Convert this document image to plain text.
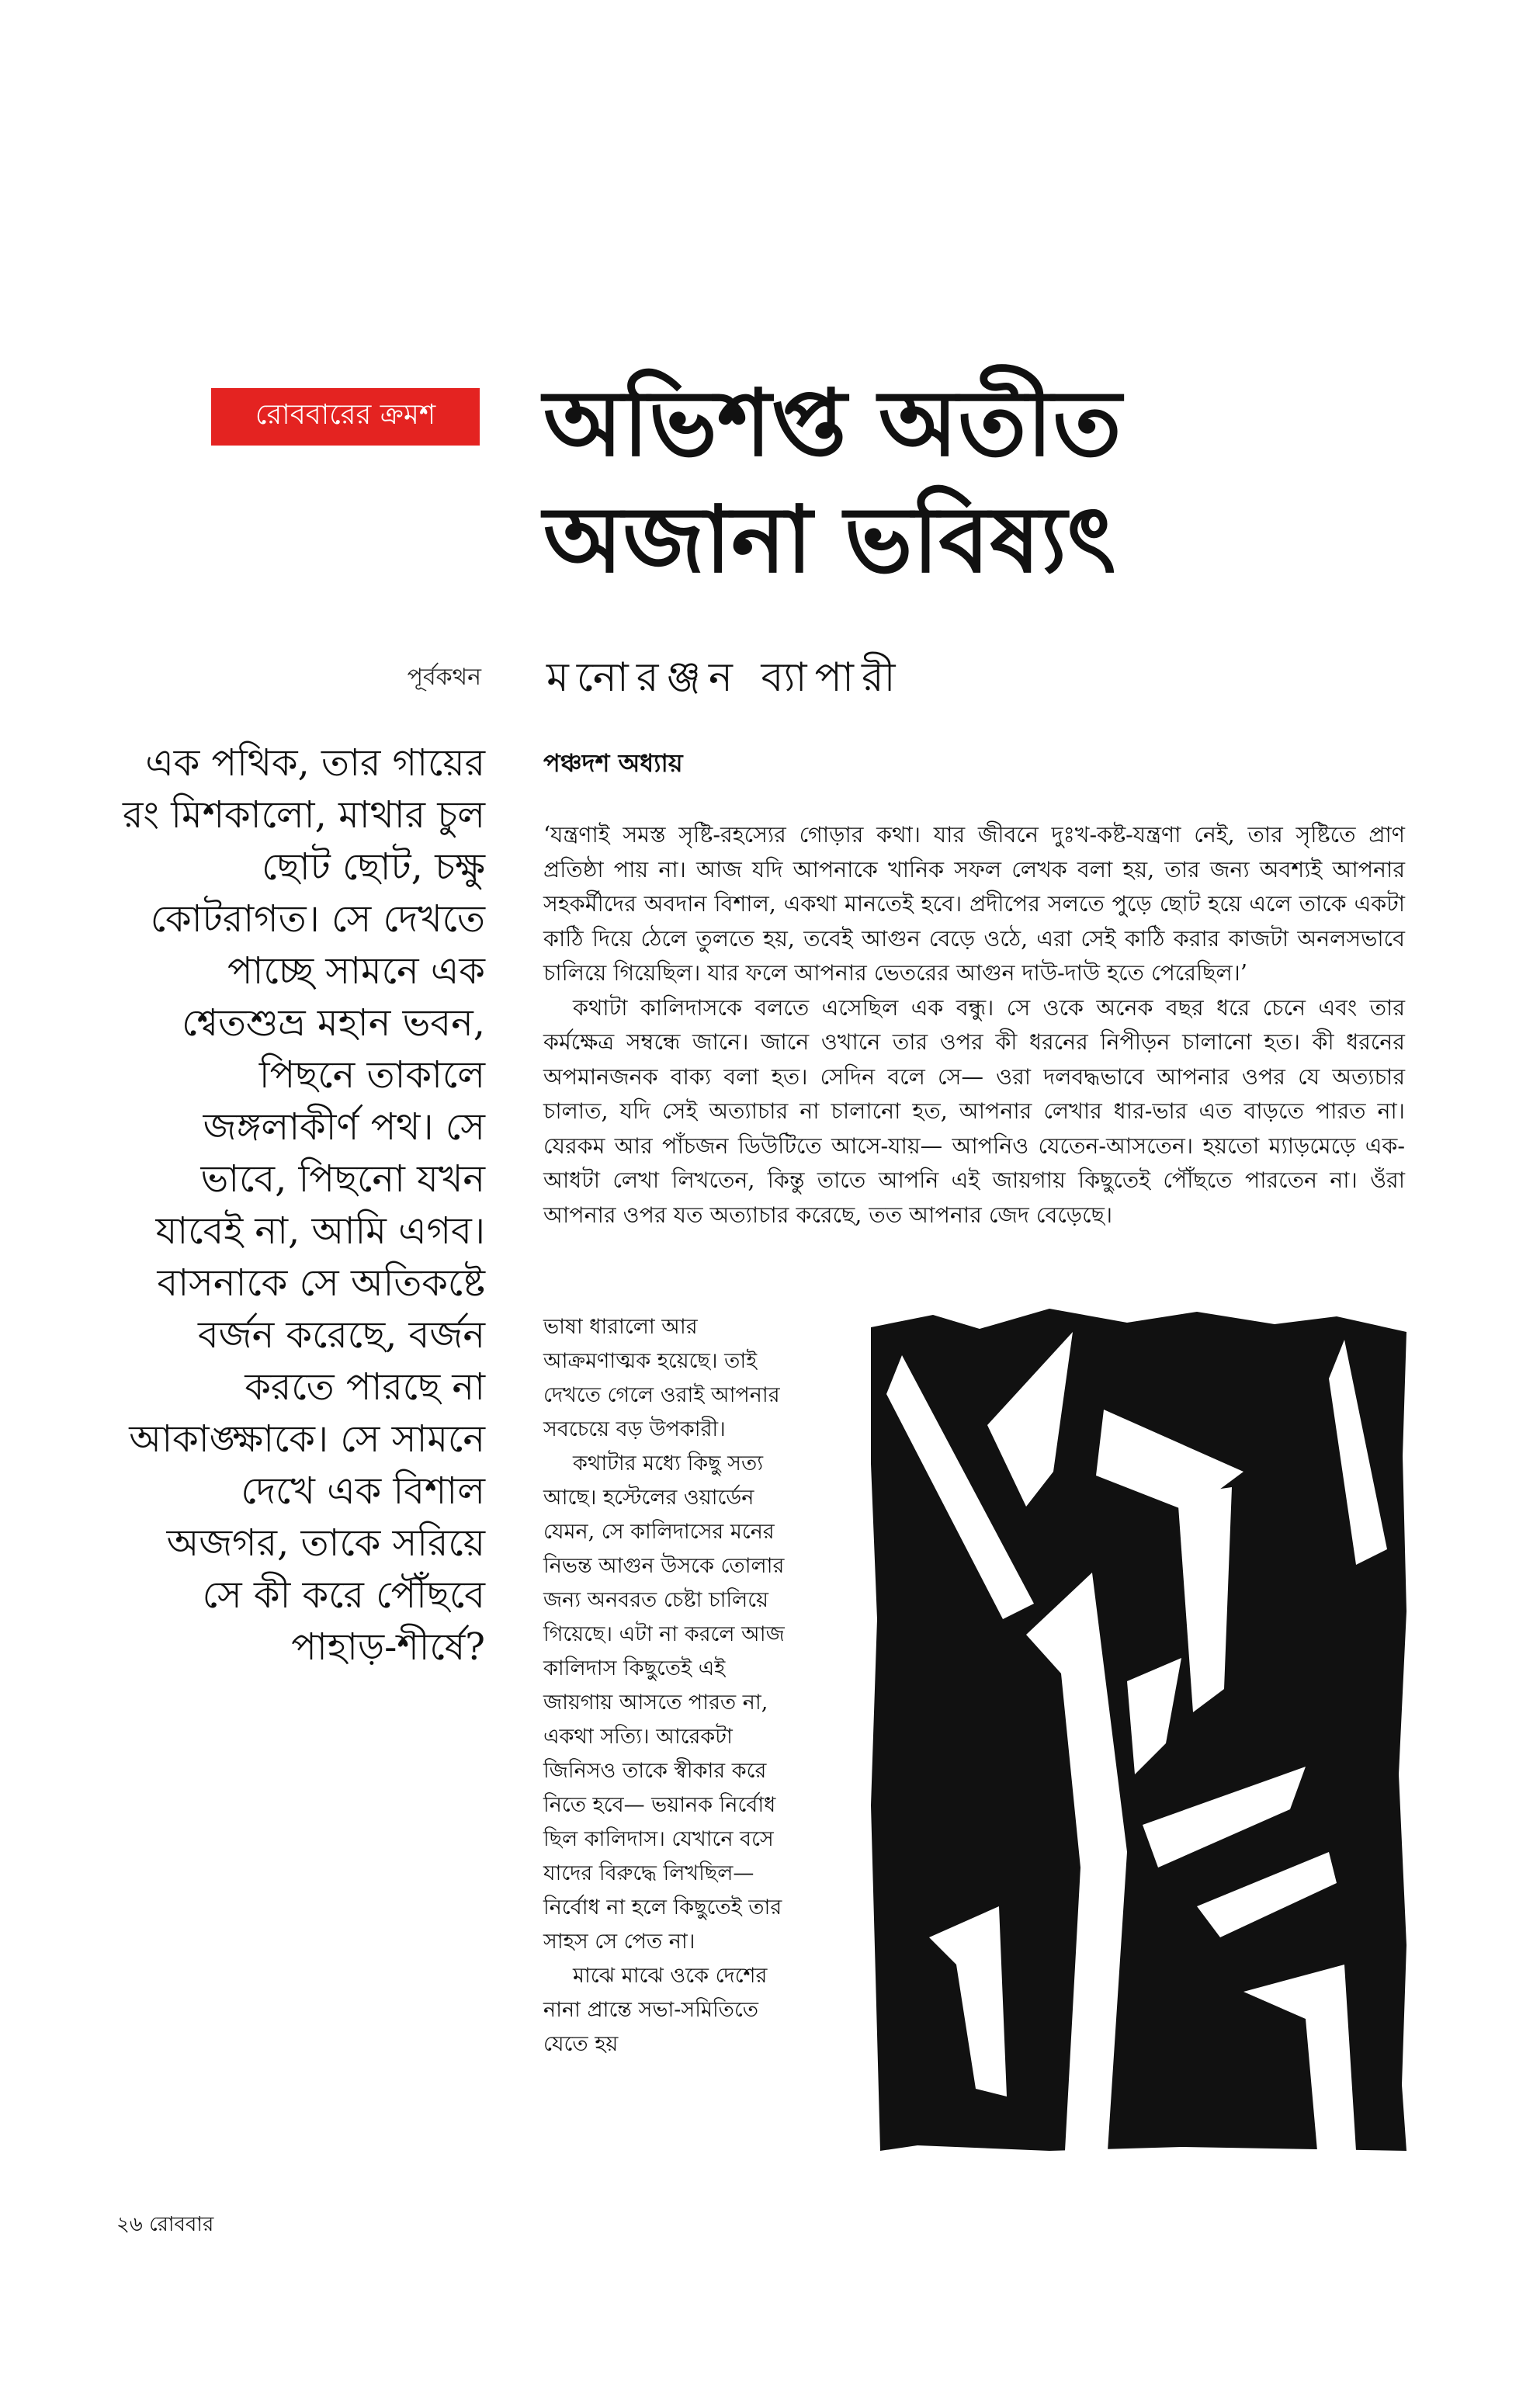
রোববারের ক্রমশ	অভিশপ্ত অতীত
অজানা ভবিষ্যৎ
পূর্বকথন মনোরঞ্জন ব্যাপারী

এক পথিক, তার গায়ের রং মিশকালো, মাথার চুল ছোট ছোট, চক্ষু কোটরাগত। সে দেখতে পাচ্ছে সামনে এক শ্বেতশুভ্র মহান ভবন, পিছনে তাকালে জঙ্গলাকীর্ণ পথ। সে ভাবে, পিছনো যখন যাবেই না, আমি এগব। বাসনাকে সে অতিকষ্টে বর্জন করেছে, বর্জন করতে পারছে না আকাঙ্ক্ষাকে। সে সামনে দেখে এক বিশাল অজগর, তাকে সরিয়ে সে কী করে পৌঁছবে পাহাড়-শীর্ষে?

পঞ্চদশ অধ্যায়

‘যন্ত্রণাই সমস্ত সৃষ্টি-রহস্যের গোড়ার কথা। যার জীবনে দুঃখ-কষ্ট-যন্ত্রণা নেই, তার সৃষ্টিতে প্রাণ প্রতিষ্ঠা পায় না। আজ যদি আপনাকে খানিক সফল লেখক বলা হয়, তার জন্য অবশ্যই আপনার সহকর্মীদের অবদান বিশাল, একথা মানতেই হবে। প্রদীপের সলতে পুড়ে ছোট হয়ে এলে তাকে একটা কাঠি দিয়ে ঠেলে তুলতে হয়, তবেই আগুন বেড়ে ওঠে, এরা সেই কাঠি করার কাজটা অনলসভাবে চালিয়ে গিয়েছিল। যার ফলে আপনার ভেতরের আগুন দাউ-দাউ হতে পেরেছিল।’

কথাটা কালিদাসকে বলতে এসেছিল এক বন্ধু। সে ওকে অনেক বছর ধরে চেনে এবং তার কর্মক্ষেত্র সম্বন্ধে জানে। জানে ওখানে তার ওপর কী ধরনের নিপীড়ন চালানো হত। কী ধরনের অপমানজনক বাক্য বলা হত। সেদিন বলে সে— ওরা দলবদ্ধভাবে আপনার ওপর যে অত্যচার চালাত, যদি সেই অত্যাচার না চালানো হত, আপনার লেখার ধার-ভার এত বাড়তে পারত না। যেরকম আর পাঁচজন ডিউটিতে আসে-যায়— আপনিও যেতেন-আসতেন। হয়তো ম্যাড়মেড়ে এক-আধটা লেখা লিখতেন, কিন্তু তাতে আপনি এই জায়গায় কিছুতেই পৌঁছতে পারতেন না। ওঁরা আপনার ওপর যত অত্যাচার করেছে, তত আপনার জেদ বেড়েছে।

ভাষা ধারালো আর আক্রমণাত্মক হয়েছে। তাই দেখতে গেলে ওরাই আপনার সবচেয়ে বড় উপকারী।

কথাটার মধ্যে কিছু সত্য আছে। হস্টেলের ওয়ার্ডেন যেমন, সে কালিদাসের মনের নিভন্ত আগুন উসকে তোলার জন্য অনবরত চেষ্টা চালিয়ে গিয়েছে। এটা না করলে আজ কালিদাস কিছুতেই এই জায়গায় আসতে পারত না, একথা সত্যি। আরেকটা জিনিসও তাকে স্বীকার করে নিতে হবে— ভয়ানক নির্বোধ ছিল কালিদাস। যেখানে বসে যাদের বিরুদ্ধে লিখছিল— নির্বোধ না হলে কিছুতেই তার সাহস সে পেত না।

মাঝে মাঝে ওকে দেশের নানা প্রান্তে সভা-সমিতিতে যেতে হয়

২৬ রোববার
